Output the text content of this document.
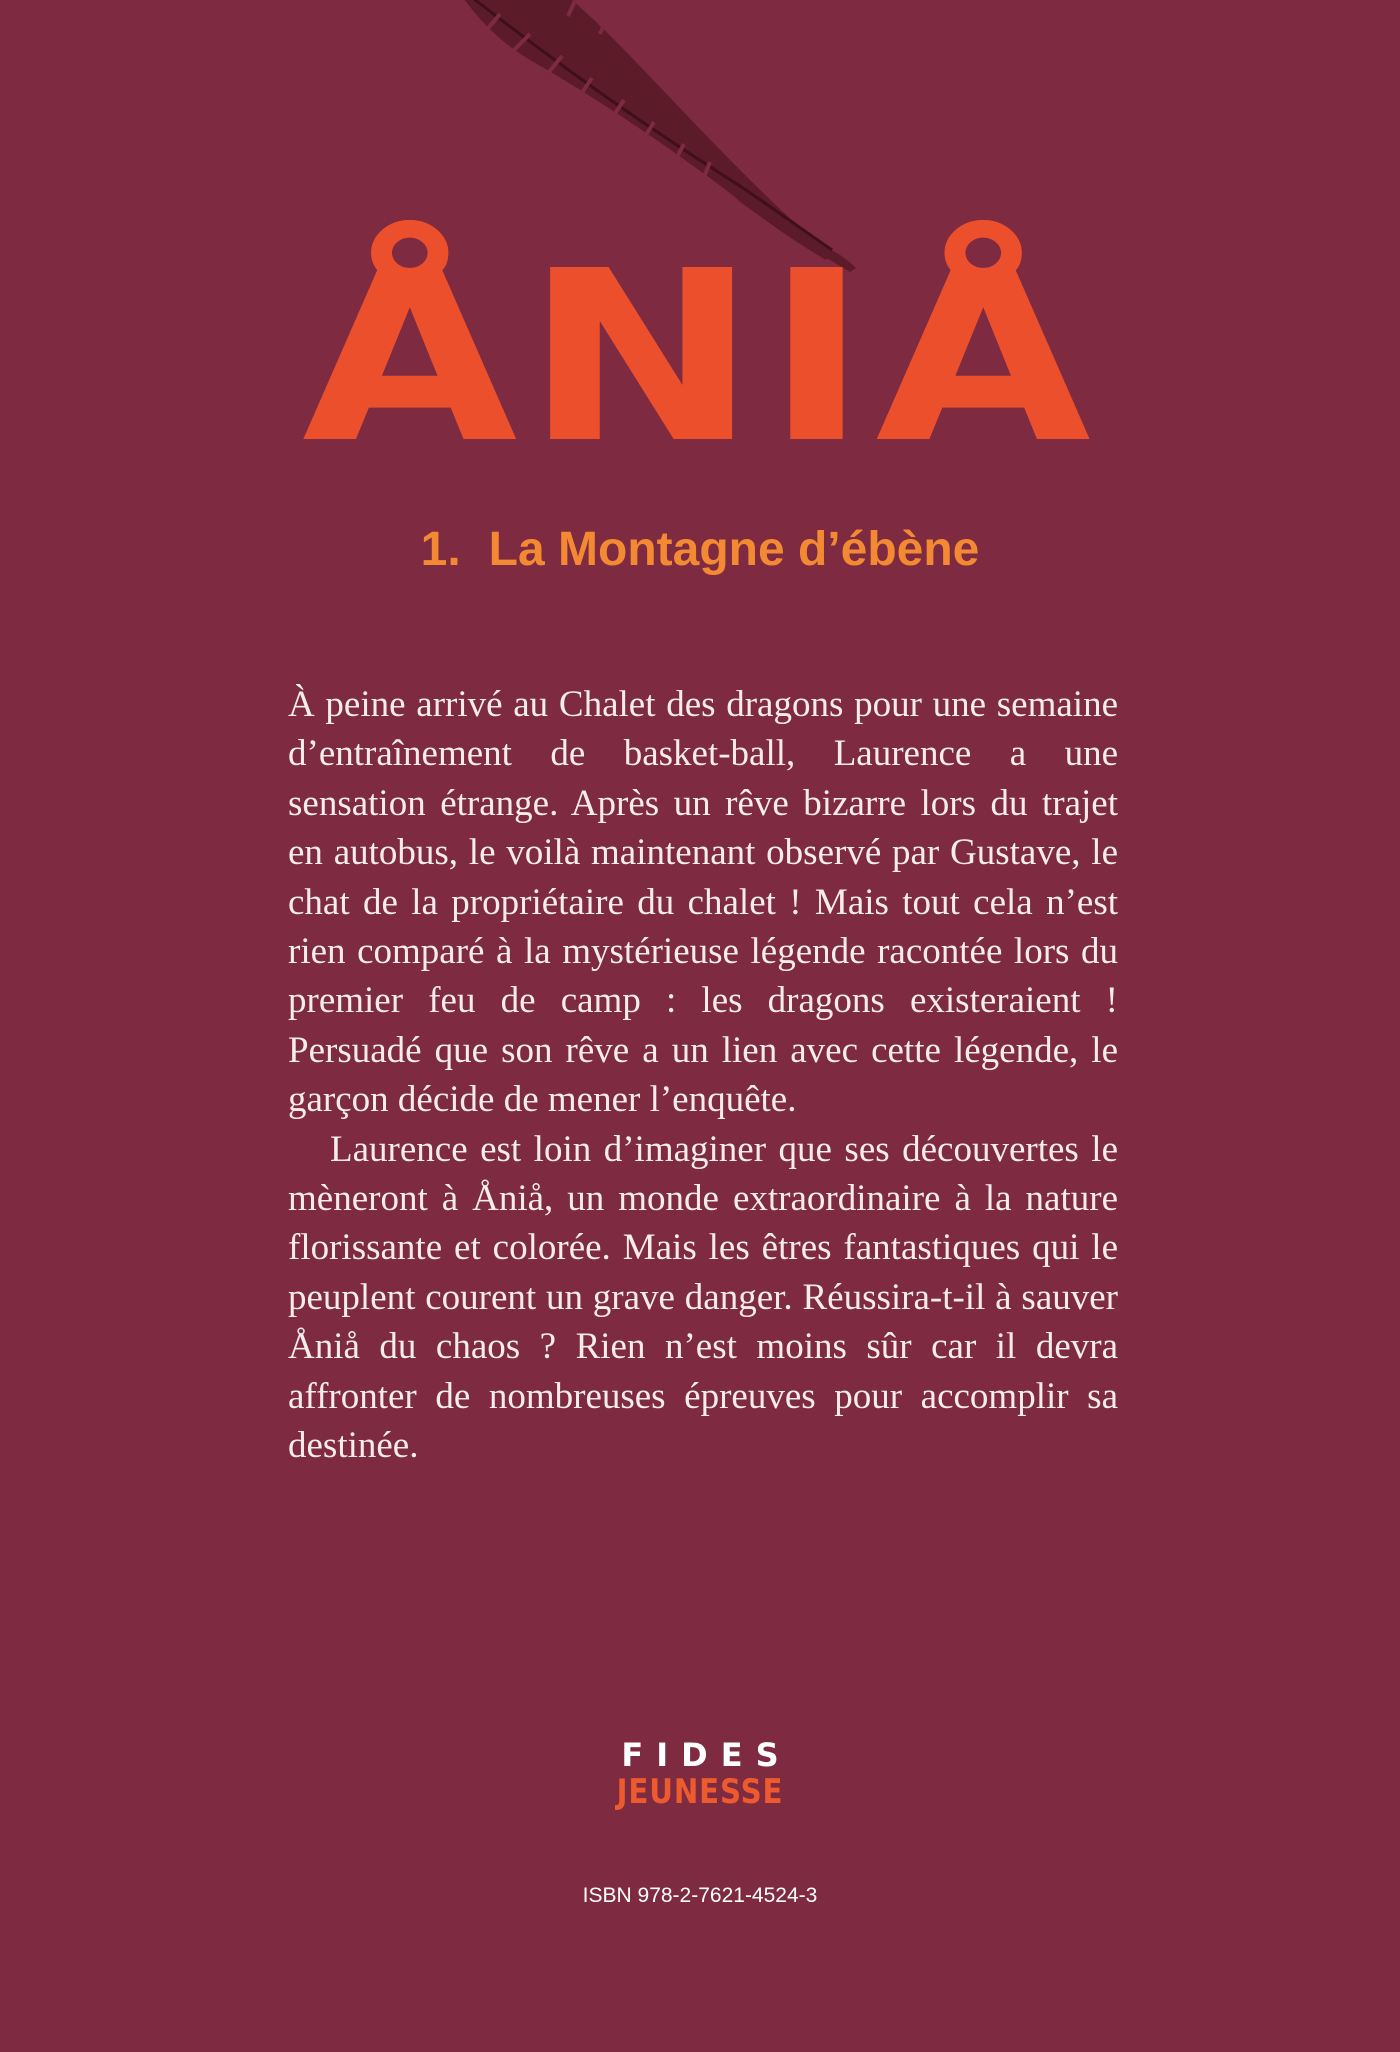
ÅNIÅ
1. La Montagne d’ébène

À peine arrivé au Chalet des dragons pour une semaine d’entraînement de basket-ball, Laurence a une sensation étrange. Après un rêve bizarre lors du trajet en autobus, le voilà maintenant observé par Gustave, le chat de la propriétaire du chalet ! Mais tout cela n’est rien comparé à la mystérieuse légende racontée lors du premier feu de camp : les dragons existeraient ! Persuadé que son rêve a un lien avec cette légende, le garçon décide de mener l’enquête.

Laurence est loin d’imaginer que ses découvertes le mèneront à Åniå, un monde extraordinaire à la nature florissante et colorée. Mais les êtres fantastiques qui le peuplent courent un grave danger. Réussira-t-il à sauver Åniå du chaos ? Rien n’est moins sûr car il devra affronter de nombreuses épreuves pour accomplir sa destinée.

FIDES
JEUNESSE
ISBN 978-2-7621-4524-3
